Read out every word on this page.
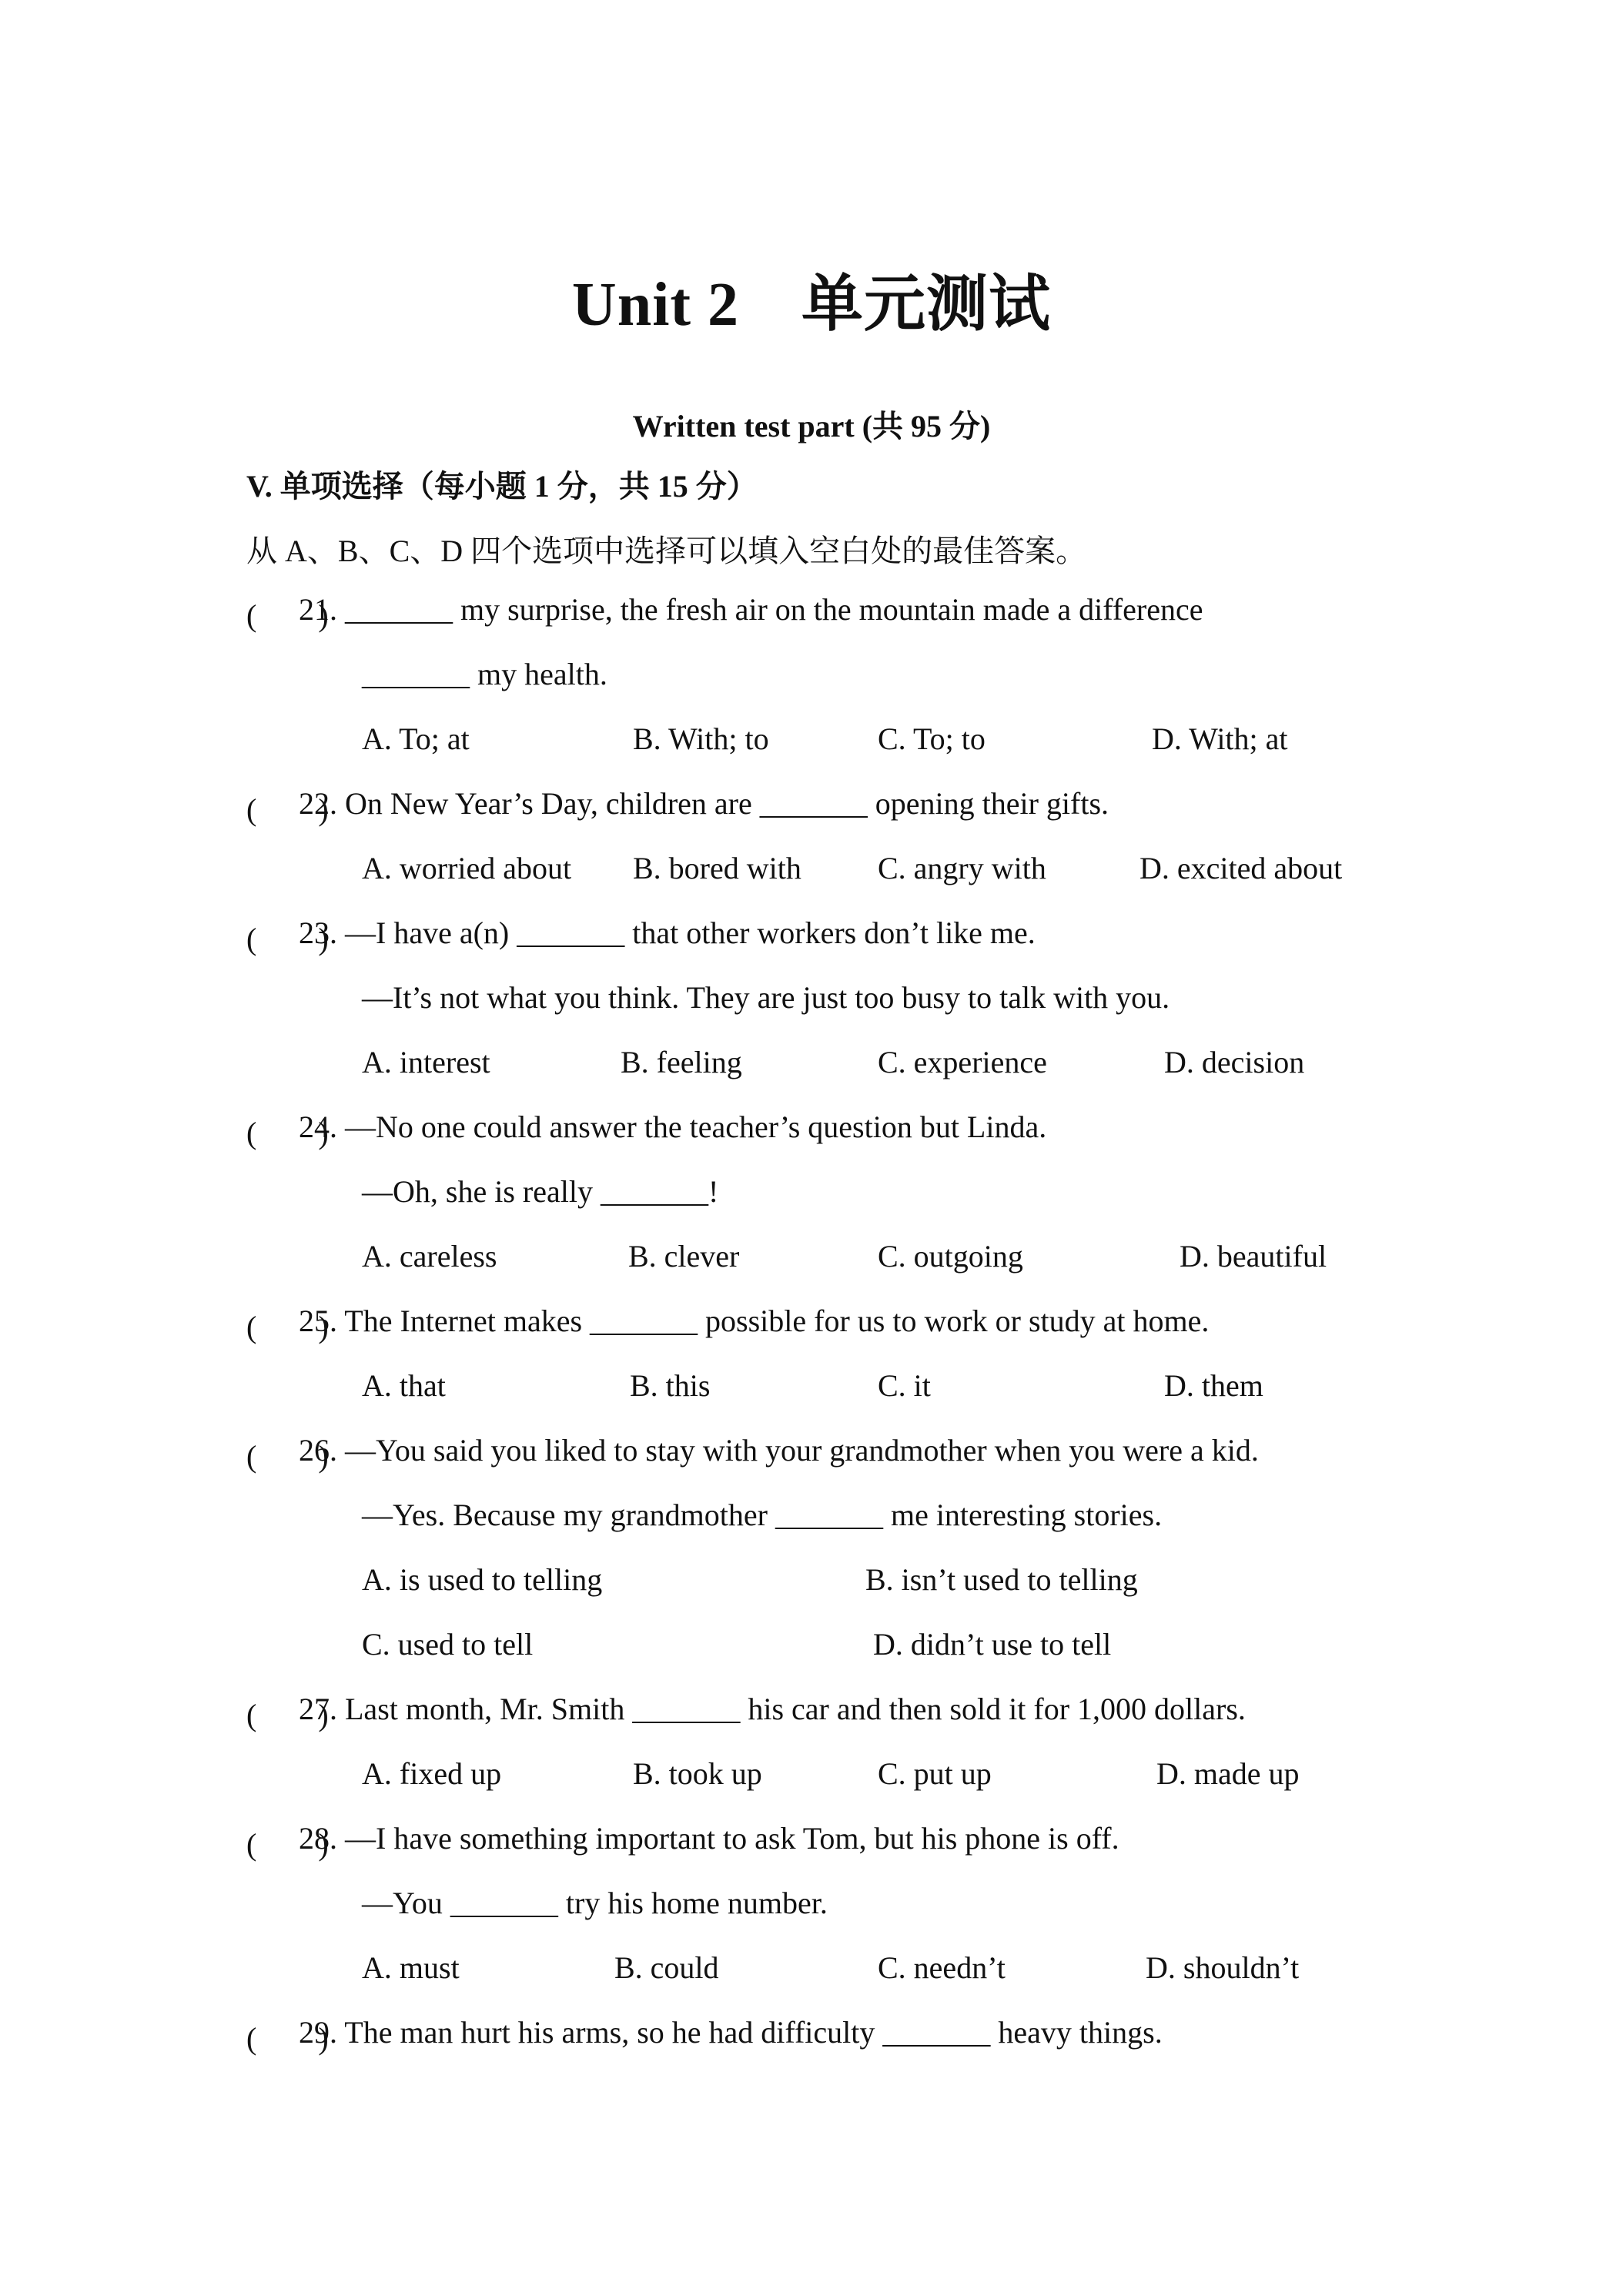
Unit 2　单元测试
Written test part (共 95 分)
V. 单项选择（每小题 1 分，共 15 分）
从 A、B、C、D 四个选项中选择可以填入空白处的最佳答案。
(　　)
21. _______ my surprise, the fresh air on the mountain made a difference
_______ my health.
A. To; at	B. With; to	C. To; to	D. With; at
(　　)
22. On New Year’s Day, children are _______ opening their gifts.
A. worried about B. bored with C. angry with	D. excited about
(　　)
23. —I have a(n) _______ that other workers don’t like me.
—It’s not what you think. They are just too busy to talk with you.
A. interest	B. feeling	C. experience	D. decision
(　　)
24. —No one could answer the teacher’s question but Linda.
—Oh, she is really _______!
A. careless	B. clever	C. outgoing	D. beautiful
(　　)
25. The Internet makes _______ possible for us to work or study at home.
A. that	B. this	C. it	D. them
(　　)
26. —You said you liked to stay with your grandmother when you were a kid.
—Yes. Because my grandmother _______ me interesting stories.
A. is used to telling	B. isn’t used to telling
C. used to tell	D. didn’t use to tell
(　　)
27. Last month, Mr. Smith _______ his car and then sold it for 1,000 dollars.
A. fixed up	B. took up	C. put up	D. made up
(　　)
28. —I have something important to ask Tom, but his phone is off.
—You _______ try his home number.
A. must	B. could	C. needn’t	D. shouldn’t
(　　)
29. The man hurt his arms, so he had difficulty _______ heavy things.
